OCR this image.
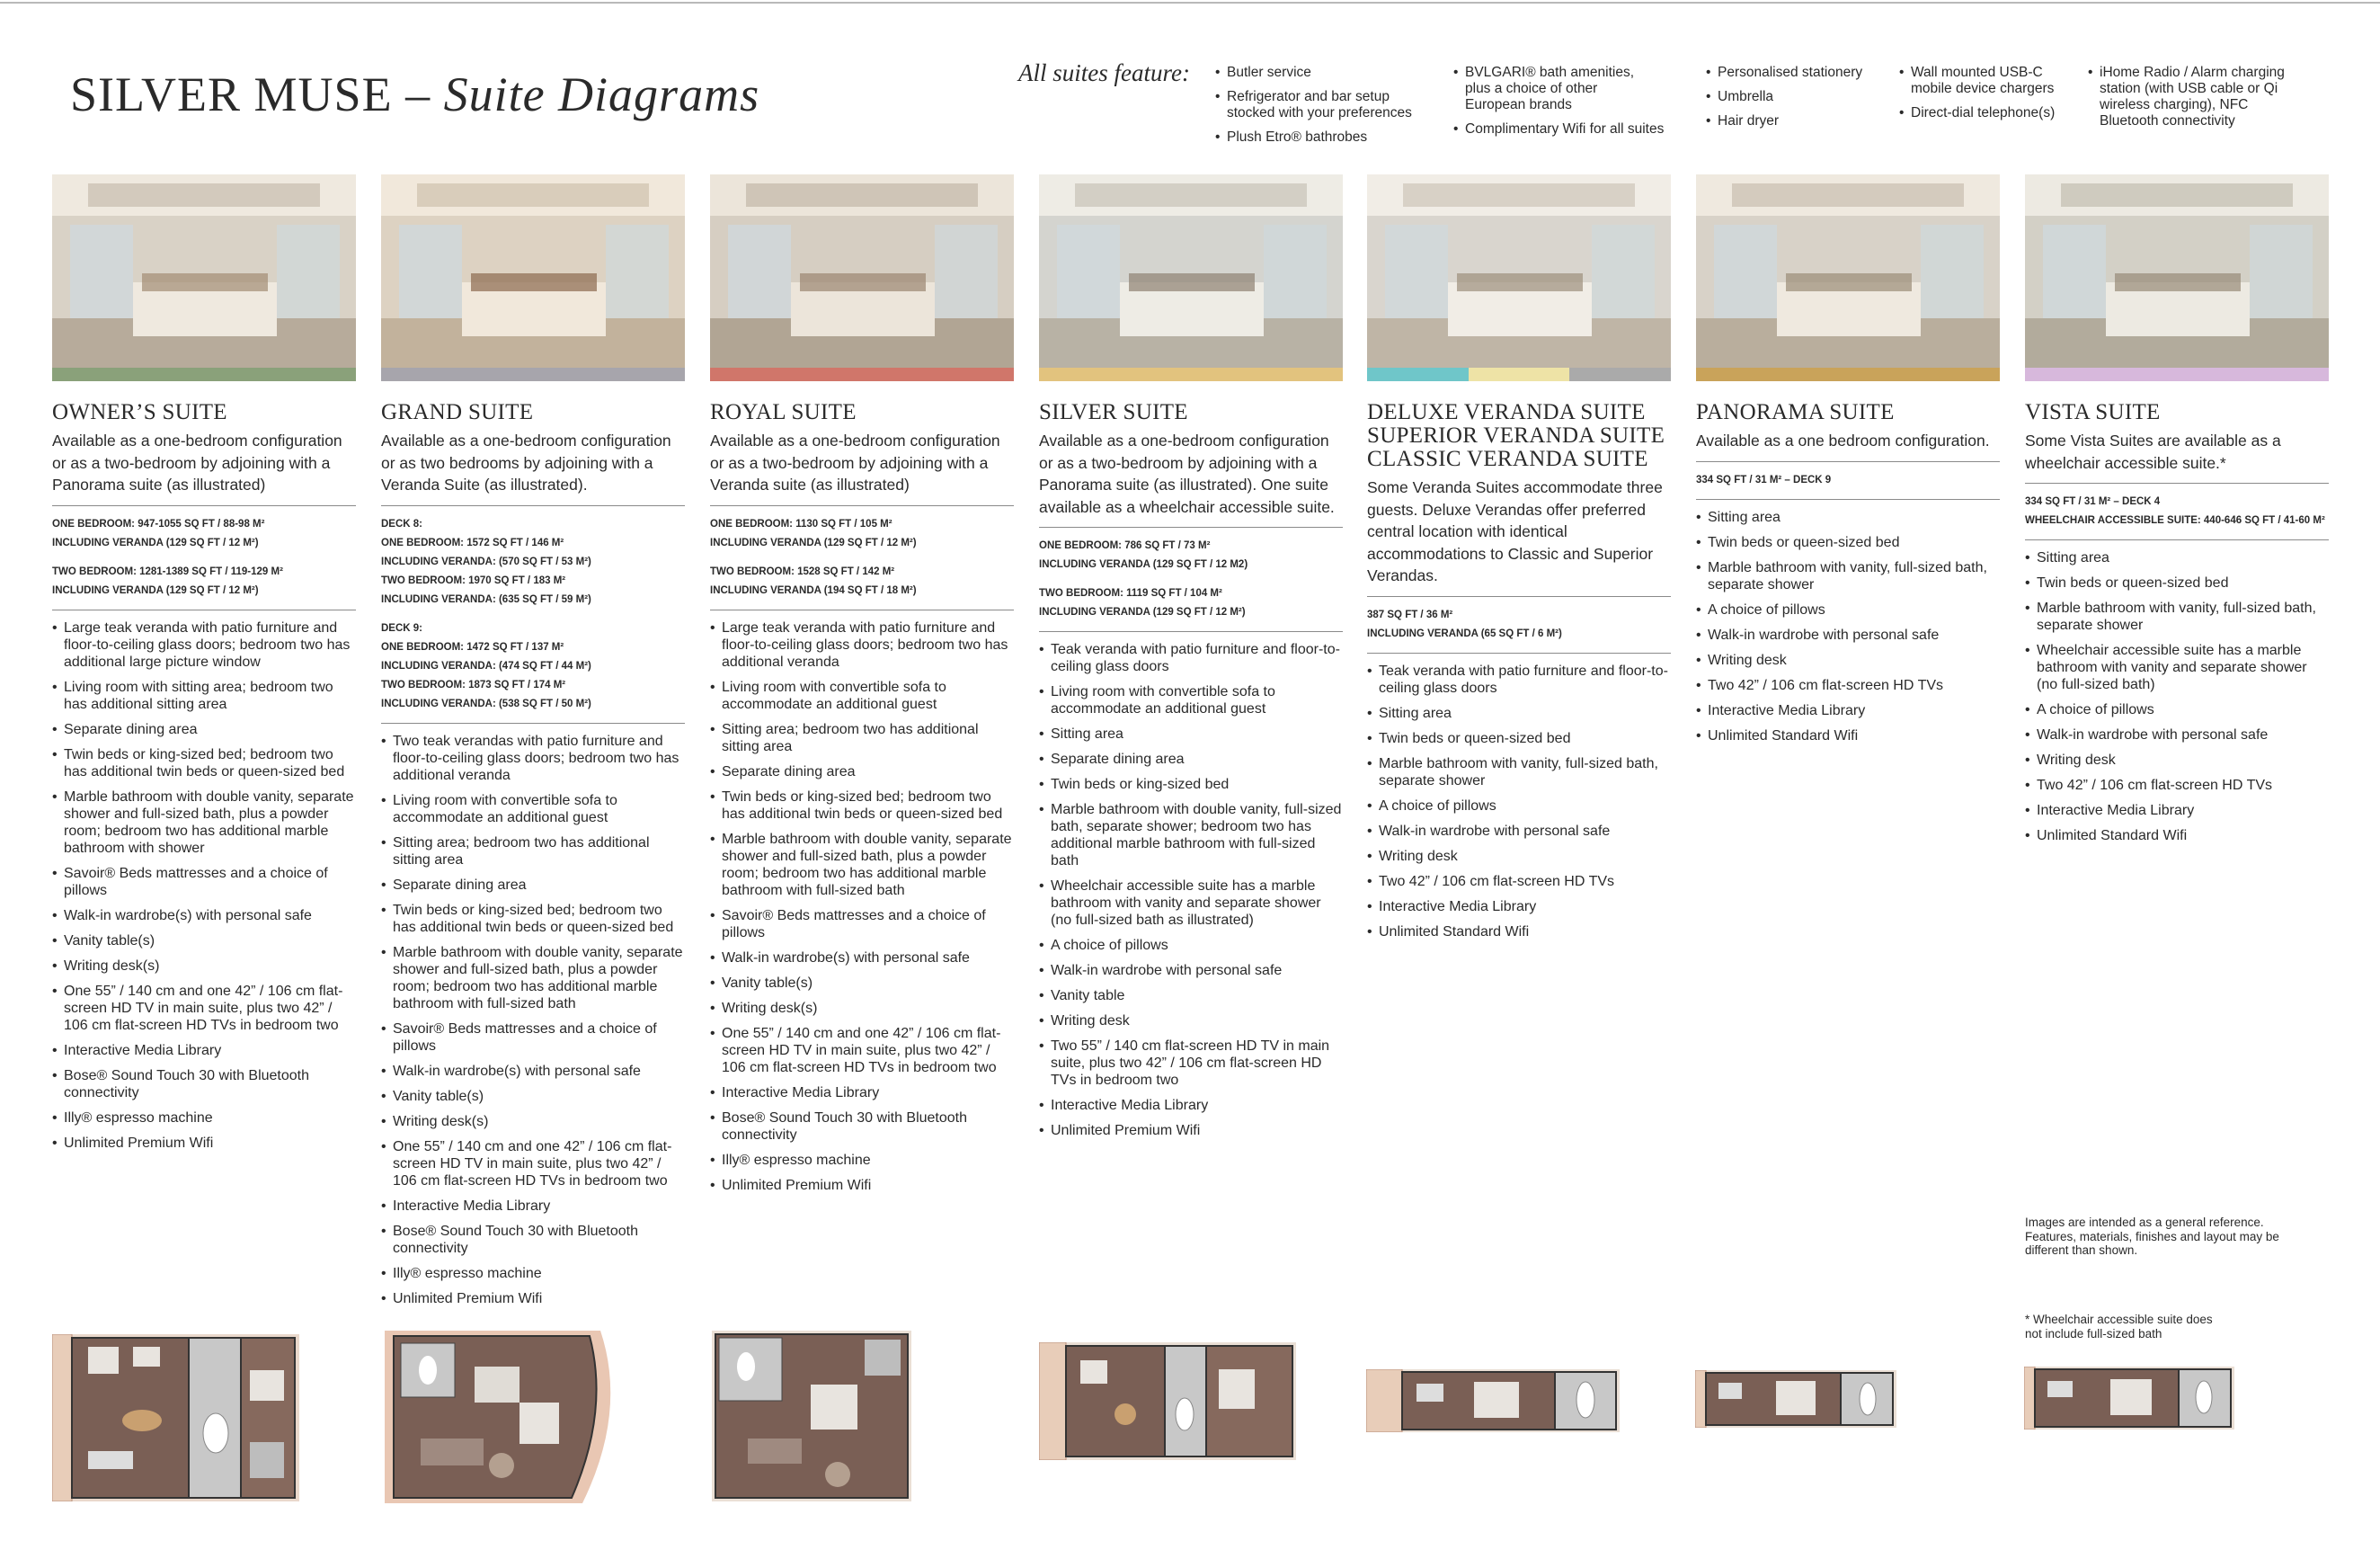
SILVER MUSE – Suite Diagrams	All suites feature:
•	Butler service
• Refrigerator and bar setup stocked with your preferences
• Plush Etro® bathrobes
• BVLGARI® bath amenities, plus a choice of other European brands
• Complimentary Wifi for all suites
• Personalised stationery
• Umbrella
• Hair dryer
• Wall mounted USB-C mobile device chargers
• Direct-dial telephone(s)
• iHome Radio / Alarm charging station (with USB cable or Qi wireless charging), NFC Bluetooth connectivity
OWNER’S SUITE
Available as a one-bedroom configuration or as a two-bedroom by adjoining with a Panorama suite (as illustrated)
ONE BEDROOM: 947-1055 SQ FT / 88-98 M²
INCLUDING VERANDA (129 SQ FT / 12 M²)
TWO BEDROOM: 1281-1389 SQ FT / 119-129 M²
INCLUDING VERANDA (129 SQ FT / 12 M²)
• Large teak veranda with patio furniture and floor-to-ceiling glass doors; bedroom two has additional large picture window
• Living room with sitting area; bedroom two has additional sitting area
• Separate dining area
• Twin beds or king-sized bed; bedroom two has additional twin beds or queen-sized bed
• Marble bathroom with double vanity, separate shower and full-sized bath, plus a powder room; bedroom two has additional marble bathroom with shower
• Savoir® Beds mattresses and a choice of pillows
• Walk-in wardrobe(s) with personal safe
• Vanity table(s)
• Writing desk(s)
• One 55” / 140 cm and one 42” / 106 cm flat-screen HD TV in main suite, plus two 42” / 106 cm flat-screen HD TVs in bedroom two
• Interactive Media Library
• Bose® Sound Touch 30 with Bluetooth connectivity
• Illy® espresso machine
• Unlimited Premium Wifi
GRAND SUITE
Available as a one-bedroom configuration or as two bedrooms by adjoining with a Veranda Suite (as illustrated).
DECK 8:
ONE BEDROOM: 1572 SQ FT / 146 M²
INCLUDING VERANDA: (570 SQ FT / 53 M²)
TWO BEDROOM: 1970 SQ FT / 183 M²
INCLUDING VERANDA: (635 SQ FT / 59 M²)
DECK 9:
ONE BEDROOM: 1472 SQ FT / 137 M²
INCLUDING VERANDA: (474 SQ FT / 44 M²)
TWO BEDROOM: 1873 SQ FT / 174 M²
INCLUDING VERANDA: (538 SQ FT / 50 M²)
• Two teak verandas with patio furniture and floor-to-ceiling glass doors; bedroom two has additional veranda
• Living room with convertible sofa to accommodate an additional guest
• Sitting area; bedroom two has additional sitting area
• Separate dining area
• Twin beds or king-sized bed; bedroom two has additional twin beds or queen-sized bed
• Marble bathroom with double vanity, separate shower and full-sized bath, plus a powder room; bedroom two has additional marble bathroom with full-sized bath
• Savoir® Beds mattresses and a choice of pillows
• Walk-in wardrobe(s) with personal safe
• Vanity table(s)
• Writing desk(s)
• One 55” / 140 cm and one 42” / 106 cm flat-screen HD TV in main suite, plus two 42” / 106 cm flat-screen HD TVs in bedroom two
• Interactive Media Library
• Bose® Sound Touch 30 with Bluetooth connectivity
• Illy® espresso machine
• Unlimited Premium Wifi
ROYAL SUITE
Available as a one-bedroom configuration or as a two-bedroom by adjoining with a Veranda suite (as illustrated)
ONE BEDROOM: 1130 SQ FT / 105 M²
INCLUDING VERANDA (129 SQ FT / 12 M²)
TWO BEDROOM: 1528 SQ FT / 142 M²
INCLUDING VERANDA (194 SQ FT / 18 M²)
• Large teak veranda with patio furniture and floor-to-ceiling glass doors; bedroom two has additional veranda
• Living room with convertible sofa to accommodate an additional guest
• Sitting area; bedroom two has additional sitting area
• Separate dining area
• Twin beds or king-sized bed; bedroom two has additional twin beds or queen-sized bed
• Marble bathroom with double vanity, separate shower and full-sized bath, plus a powder room; bedroom two has additional marble bathroom with full-sized bath
• Savoir® Beds mattresses and a choice of pillows
• Walk-in wardrobe(s) with personal safe
• Vanity table(s)
• Writing desk(s)
• One 55” / 140 cm and one 42” / 106 cm flat-screen HD TV in main suite, plus two 42” / 106 cm flat-screen HD TVs in bedroom two
• Interactive Media Library
• Bose® Sound Touch 30 with Bluetooth connectivity
• Illy® espresso machine
• Unlimited Premium Wifi
SILVER SUITE
Available as a one-bedroom configuration or as a two-bedroom by adjoining with a Panorama suite (as illustrated). One suite available as a wheelchair accessible suite.
ONE BEDROOM: 786 SQ FT / 73 M²
INCLUDING VERANDA (129 SQ FT / 12 M2)
TWO BEDROOM: 1119 SQ FT / 104 M²
INCLUDING VERANDA (129 SQ FT / 12 M²)
• Teak veranda with patio furniture and floor-to-ceiling glass doors
• Living room with convertible sofa to accommodate an additional guest
• Sitting area
• Separate dining area
• Twin beds or king-sized bed
• Marble bathroom with double vanity, full-sized bath, separate shower; bedroom two has additional marble bathroom with full-sized bath
• Wheelchair accessible suite has a marble bathroom with vanity and separate shower (no full-sized bath as illustrated)
• A choice of pillows
• Walk-in wardrobe with personal safe
• Vanity table
• Writing desk
• Two 55” / 140 cm flat-screen HD TV in main suite, plus two 42” / 106 cm flat-screen HD TVs in bedroom two
• Interactive Media Library
• Unlimited Premium Wifi
DELUXE VERANDA SUITE SUPERIOR VERANDA SUITE CLASSIC VERANDA SUITE
Some Veranda Suites accommodate three guests. Deluxe Verandas offer preferred central location with identical accommodations to Classic and Superior Verandas.
387 SQ FT / 36 M²
INCLUDING VERANDA (65 SQ FT / 6 M²)
• Teak veranda with patio furniture and floor-to-ceiling glass doors
• Sitting area
• Twin beds or queen-sized bed
• Marble bathroom with vanity, full-sized bath, separate shower
• A choice of pillows
• Walk-in wardrobe with personal safe
• Writing desk
• Two 42” / 106 cm flat-screen HD TVs
• Interactive Media Library
• Unlimited Standard Wifi
PANORAMA SUITE
Available as a one bedroom configuration.
334 SQ FT / 31 M² – DECK 9
• Sitting area
• Twin beds or queen-sized bed
• Marble bathroom with vanity, full-sized bath, separate shower
• A choice of pillows
• Walk-in wardrobe with personal safe
• Writing desk
• Two 42” / 106 cm flat-screen HD TVs
• Interactive Media Library
• Unlimited Standard Wifi
VISTA SUITE
Some Vista Suites are available as a wheelchair accessible suite.*
334 SQ FT / 31 M² – DECK 4
WHEELCHAIR ACCESSIBLE SUITE: 440-646 SQ FT / 41-60 M²
• Sitting area
• Twin beds or queen-sized bed
• Marble bathroom with vanity, full-sized bath, separate shower
• Wheelchair accessible suite has a marble bathroom with vanity and separate shower (no full-sized bath)
• A choice of pillows
• Walk-in wardrobe with personal safe
• Writing desk
• Two 42” / 106 cm flat-screen HD TVs
• Interactive Media Library
• Unlimited Standard Wifi
Images are intended as a general reference. Features, materials, finishes and layout may be different than shown.
* Wheelchair accessible suite does not include full-sized bath
